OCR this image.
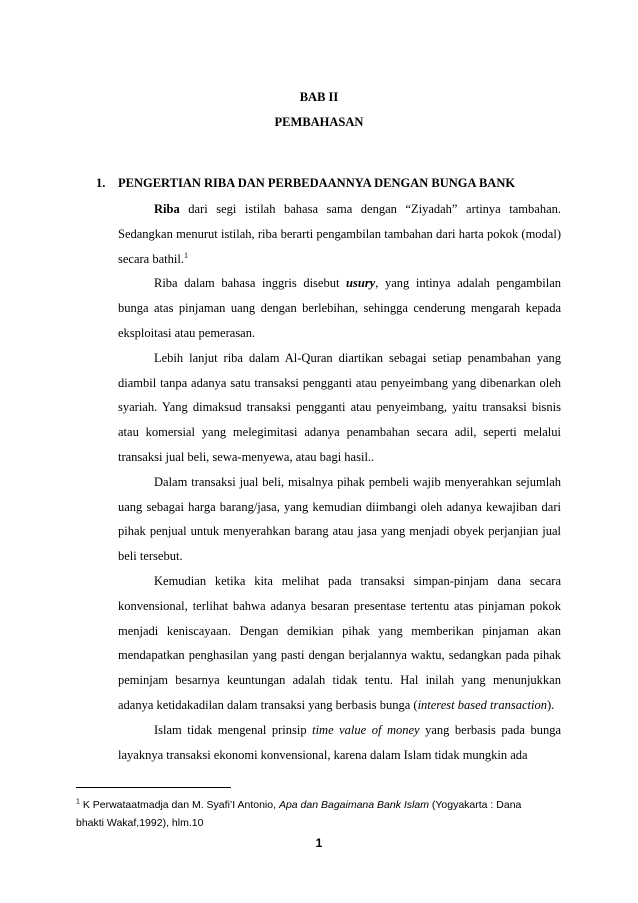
BAB II
PEMBAHASAN
1. PENGERTIAN RIBA DAN PERBEDAANNYA DENGAN BUNGA BANK

Riba dari segi istilah bahasa sama dengan “Ziyadah” artinya tambahan. Sedangkan menurut istilah, riba berarti pengambilan tambahan dari harta pokok (modal) secara bathil.$^1$

Riba dalam bahasa inggris disebut usury, yang intinya adalah pengambilan bunga atas pinjaman uang dengan berlebihan, sehingga cenderung mengarah kepada eksploitasi atau pemerasan.

Lebih lanjut riba dalam Al-Quran diartikan sebagai setiap penambahan yang diambil tanpa adanya satu transaksi pengganti atau penyeimbang yang dibenarkan oleh syariah. Yang dimaksud transaksi pengganti atau penyeimbang, yaitu transaksi bisnis atau komersial yang melegimitasi adanya penambahan secara adil, seperti melalui transaksi jual beli, sewa-menyewa, atau bagi hasil..

Dalam transaksi jual beli, misalnya pihak pembeli wajib menyerahkan sejumlah uang sebagai harga barang/jasa, yang kemudian diimbangi oleh adanya kewajiban dari pihak penjual untuk menyerahkan barang atau jasa yang menjadi obyek perjanjian jual beli tersebut.

Kemudian ketika kita melihat pada transaksi simpan-pinjam dana secara konvensional, terlihat bahwa adanya besaran presentase tertentu atas pinjaman pokok menjadi keniscayaan. Dengan demikian pihak yang memberikan pinjaman akan mendapatkan penghasilan yang pasti dengan berjalannya waktu, sedangkan pada pihak peminjam besarnya keuntungan adalah tidak tentu. Hal inilah yang menunjukkan adanya ketidakadilan dalam transaksi yang berbasis bunga (interest based transaction).

Islam tidak mengenal prinsip time value of money yang berbasis pada bunga layaknya transaksi ekonomi konvensional, karena dalam Islam tidak mungkin ada

$^1$ K Perwataatmadja dan M. Syafi’I Antonio, Apa dan Bagaimana Bank Islam (Yogyakarta : Dana bhakti Wakaf,1992), hlm.10
1
